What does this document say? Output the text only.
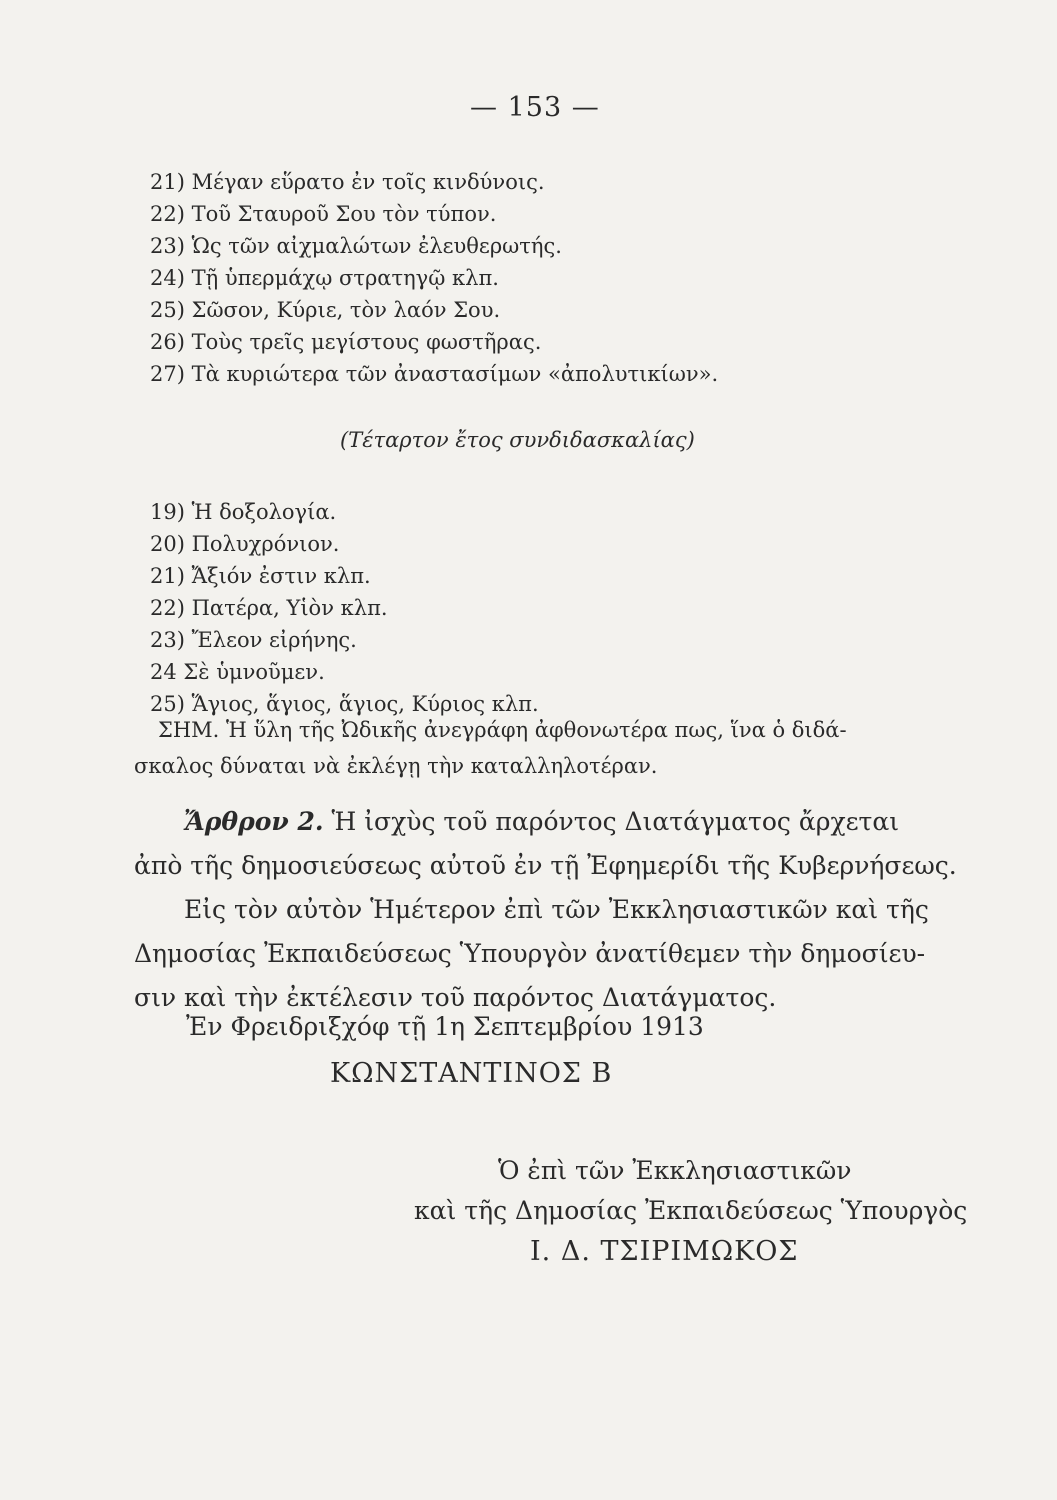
— 153 —
21) Μέγαν εὕρατο ἐν τοῖς κινδύνοις.
22) Τοῦ Σταυροῦ Σου τὸν τύπον.
23) Ὡς τῶν αἰχμαλώτων ἐλευθερωτής.
24) Τῇ ὑπερμάχῳ στρατηγῷ κλπ.
25) Σῶσον, Κύριε, τὸν λαόν Σου.
26) Τοὺς τρεῖς μεγίστους φωστῆρας.
27) Τὰ κυριώτερα τῶν ἀναστασίμων «ἀπολυτικίων».
(Τέταρτον ἔτος συνδιδασκαλίας)
19) Ἡ δοξολογία.
20) Πολυχρόνιον.
21) Ἄξιόν ἐστιν κλπ.
22) Πατέρα, Υἱὸν κλπ.
23) Ἔλεον εἰρήνης.
24 Σὲ ὑμνοῦμεν.
25) Ἅγιος, ἅγιος, ἅγιος, Κύριος κλπ.
ΣΗΜ. Ἡ ὕλη τῆς Ὠδικῆς ἀνεγράφη ἀφθονωτέρα πως, ἵνα ὁ διδά-
σκαλος δύναται νὰ ἐκλέγῃ τὴν καταλληλοτέραν.
Ἄρθρον 2. Ἡ ἰσχὺς τοῦ παρόντος Διατάγματος ἄρχεται
ἀπὸ τῆς δημοσιεύσεως αὐτοῦ ἐν τῇ Ἐφημερίδι τῆς Κυβερνήσεως.
Εἰς τὸν αὐτὸν Ἡμέτερον ἐπὶ τῶν Ἐκκλησιαστικῶν καὶ τῆς
Δημοσίας Ἐκπαιδεύσεως Ὑπουργὸν ἀνατίθεμεν τὴν δημοσίευ-
σιν καὶ τὴν ἐκτέλεσιν τοῦ παρόντος Διατάγματος.
Ἐν Φρειδριξχόφ τῇ 1η Σεπτεμβρίου 1913
ΚΩΝΣΤΑΝΤΙΝΟΣ Β
Ὁ ἐπὶ τῶν Ἐκκλησιαστικῶν
καὶ τῆς Δημοσίας Ἐκπαιδεύσεως Ὑπουργὸς
Ι. Δ. ΤΣΙΡΙΜΩΚΟΣ
